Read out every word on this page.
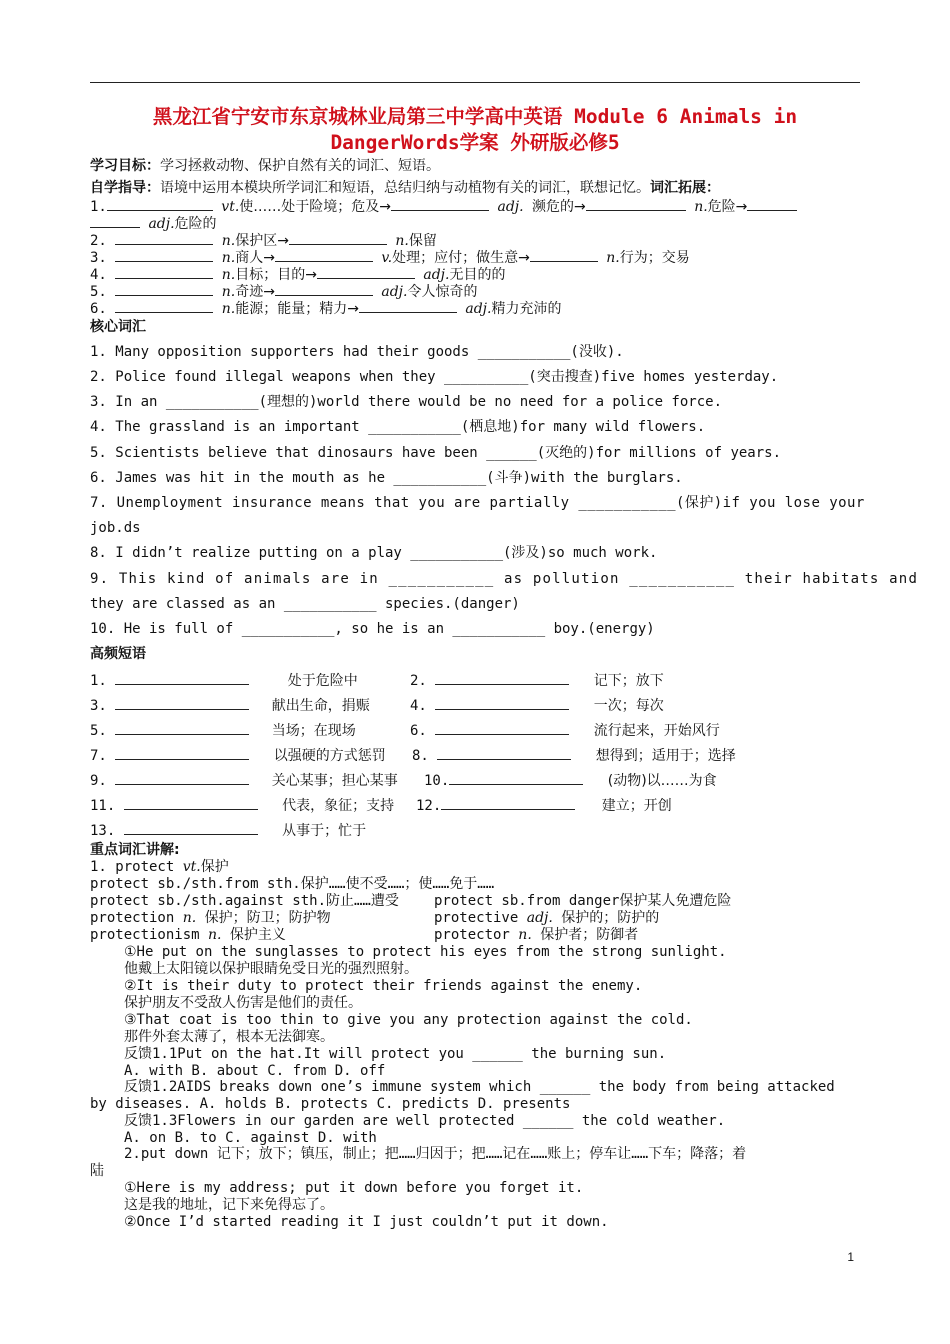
黑龙江省宁安市东京城林业局第三中学高中英语 Module 6 Animals in DangerWords学案 外研版必修5
学习目标：学习拯救动物、保护自然有关的词汇、短语。
自学指导：语境中运用本模块所学词汇和短语，总结归纳与动植物有关的词汇，联想记忆。词汇拓展：
1.	vt.使……处于险境；危及→	adj. 濒危的→	n.危险→
adj.危险的
2.	n.保护区→	n.保留
3.	n.商人→	v.处理；应付；做生意→	n.行为；交易
4.	n.目标；目的→	adj.无目的的
5.	n.奇迹→	adj.令人惊奇的
6.	n.能源；能量；精力→	adj.精力充沛的
核心词汇
1. Many opposition supporters had their goods ___________(没收).
2. Police found illegal weapons when they __________(突击搜查)five homes yesterday.
3. In an ___________(理想的)world there would be no need for a police force.
4. The grassland is an important ___________(栖息地)for many wild flowers.
5. Scientists believe that dinosaurs have been ______(灭绝的)for millions of years.
6. James was hit in the mouth as he ___________(斗争)with the burglars.
7. Unemployment insurance means that you are partially ___________(保护)if you lose your
job.ds
8. I didn’t realize putting on a play ___________(涉及)so much work.
9. This kind of animals are in ___________ as pollution ___________ their habitats and
they are classed as an ___________ species.(danger)
10. He is full of ___________, so he is an ___________ boy.(energy)
高频短语
1.	处于危险中	2.	记下；放下
3.	献出生命，捐赈	4.	一次；每次
5.	当场；在现场	6.	流行起来，开始风行
7.	以强硬的方式惩罚 8.	想得到；适用于；选择
9.	关心某事；担心某事 10.	(动物)以……为食
11.	代表，象征；支持 12.	建立；开创
13.	从事于；忙于
重点词汇讲解:
1. protect vt.保护
protect sb./sth.from sth.保护……使不受……；使……免于……
protect sb./sth.against sth.防止……遭受	protect sb.from danger保护某人免遭危险
protection n. 保护；防卫；防护物	protective adj. 保护的；防护的
protectionism n. 保护主义	protector n. 保护者；防御者
①He put on the sunglasses to protect his eyes from the strong sunlight.
他戴上太阳镜以保护眼睛免受日光的强烈照射。
②It is their duty to protect their friends against the enemy.
保护朋友不受敌人伤害是他们的责任。
③That coat is too thin to give you any protection against the cold.
那件外套太薄了，根本无法御寒。
反馈1.1Put on the hat.It will protect you ______ the burning sun.
A. with B. about C. from D. off
反馈1.2AIDS breaks down one’s immune system which ______ the body from being attacked
by diseases. A. holds B. protects C. predicts D. presents
反馈1.3Flowers in our garden are well protected ______ the cold weather.
A. on B. to C. against D. with
2.put down 记下；放下；镇压，制止；把……归因于；把……记在……账上；停车让……下车；降落；着
陆
①Here is my address; put it down before you forget it.
这是我的地址，记下来免得忘了。
②Once I’d started reading it I just couldn’t put it down.
1
